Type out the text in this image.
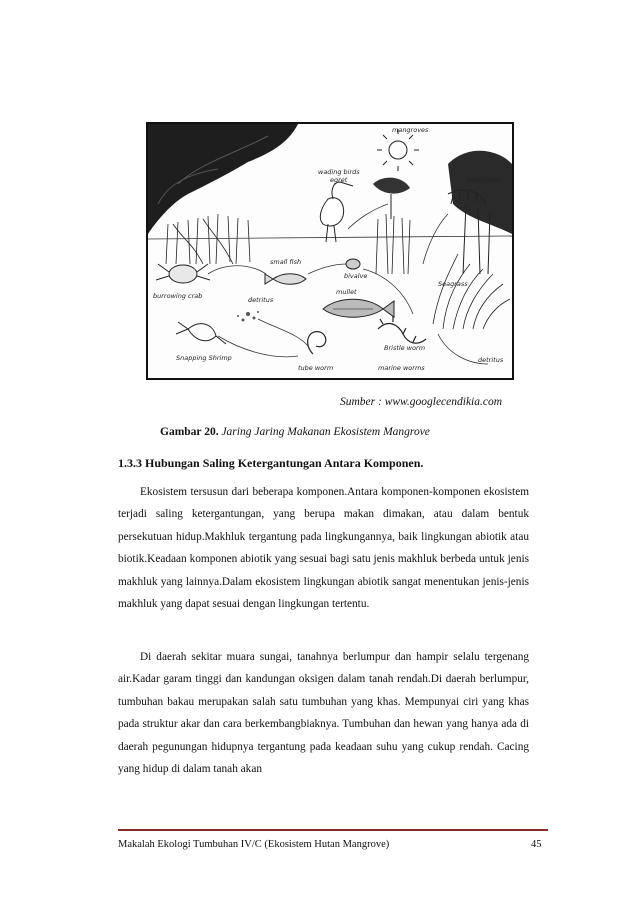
mangroves
wading birds
egret	amphipod
small fish
bivalve
burrowing crab	detritus
mullet
Seagrass
detritus
Snapping Shrimp
tube worm
Bristle worm
marine worms
Sumber : www.googlecendikia.com
Gambar 20. Jaring Jaring Makanan Ekosistem Mangrove
1.3.3 Hubungan Saling Ketergantungan Antara Komponen.
Ekosistem tersusun dari beberapa komponen.Antara komponen-komponen ekosistem terjadi saling ketergantungan, yang berupa makan dimakan, atau dalam bentuk persekutuan hidup.Makhluk tergantung pada lingkungannya, baik lingkungan abiotik atau biotik.Keadaan komponen abiotik yang sesuai bagi satu jenis makhluk berbeda untuk jenis makhluk yang lainnya.Dalam ekosistem lingkungan abiotik sangat menentukan jenis-jenis makhluk yang dapat sesuai dengan lingkungan tertentu.
Di daerah sekitar muara sungai, tanahnya berlumpur dan hampir selalu tergenang air.Kadar garam tinggi dan kandungan oksigen dalam tanah rendah.Di daerah berlumpur, tumbuhan bakau merupakan salah satu tumbuhan yang khas. Mempunyai ciri yang khas pada struktur akar dan cara berkembangbiaknya. Tumbuhan dan hewan yang hanya ada di daerah pegunungan hidupnya tergantung pada keadaan suhu yang cukup rendah. Cacing yang hidup di dalam tanah akan
Makalah Ekologi Tumbuhan IV/C (Ekosistem Hutan Mangrove)	45
